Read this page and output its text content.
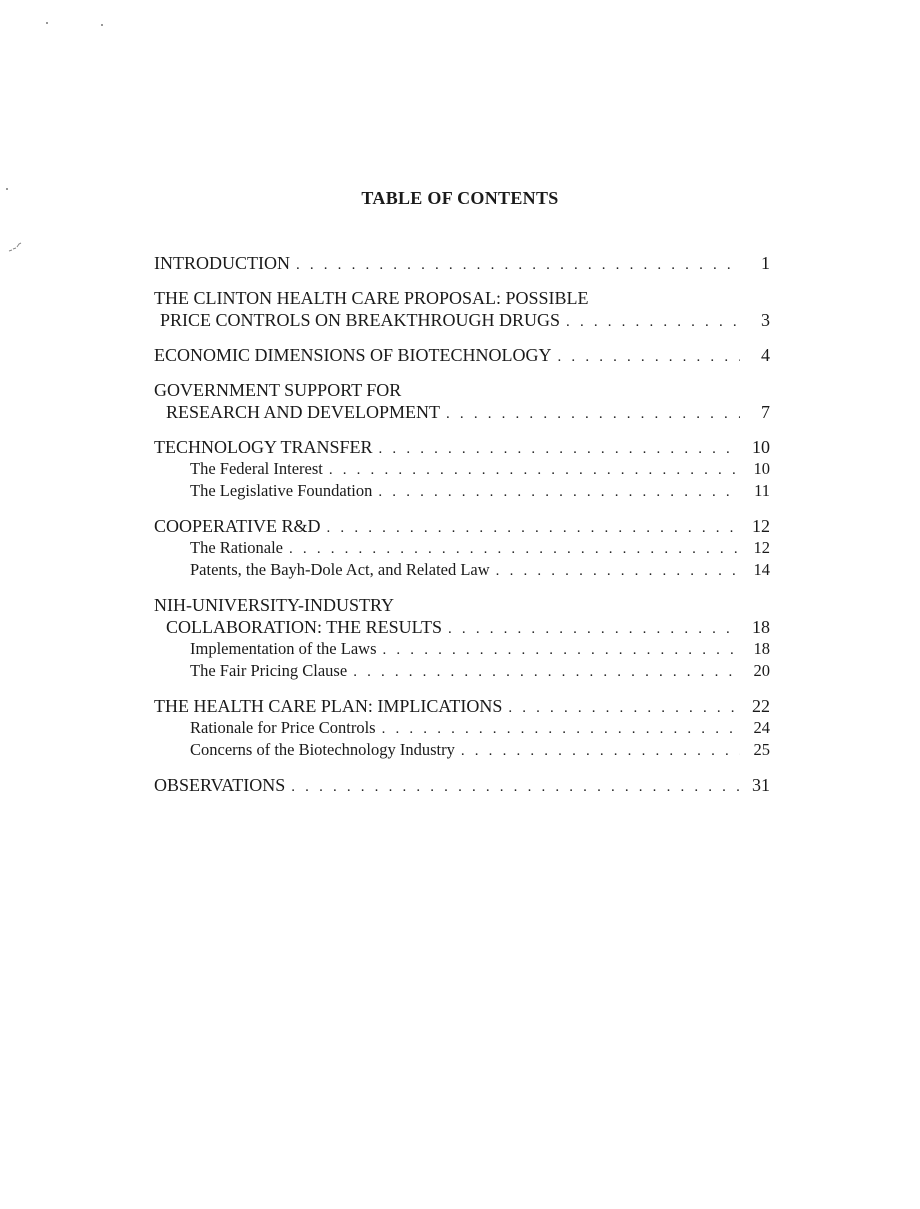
TABLE OF CONTENTS
INTRODUCTION . . .	1
THE CLINTON HEALTH CARE PROPOSAL: POSSIBLE
PRICE CONTROLS ON BREAKTHROUGH DRUGS . . .	3
ECONOMIC DIMENSIONS OF BIOTECHNOLOGY . . .	4
GOVERNMENT SUPPORT FOR
RESEARCH AND DEVELOPMENT . . .	7
TECHNOLOGY TRANSFER . . .	10
The Federal Interest . . .	10
The Legislative Foundation . . .	11
COOPERATIVE R&D . . .	12
The Rationale . . .	12
Patents, the Bayh-Dole Act, and Related Law . . .	14
NIH-UNIVERSITY-INDUSTRY
COLLABORATION: THE RESULTS . . .	18
Implementation of the Laws . . .	18
The Fair Pricing Clause . . .	20
THE HEALTH CARE PLAN: IMPLICATIONS . . .	22
Rationale for Price Controls . . .	24
Concerns of the Biotechnology Industry . . .	25
OBSERVATIONS . . .	31
